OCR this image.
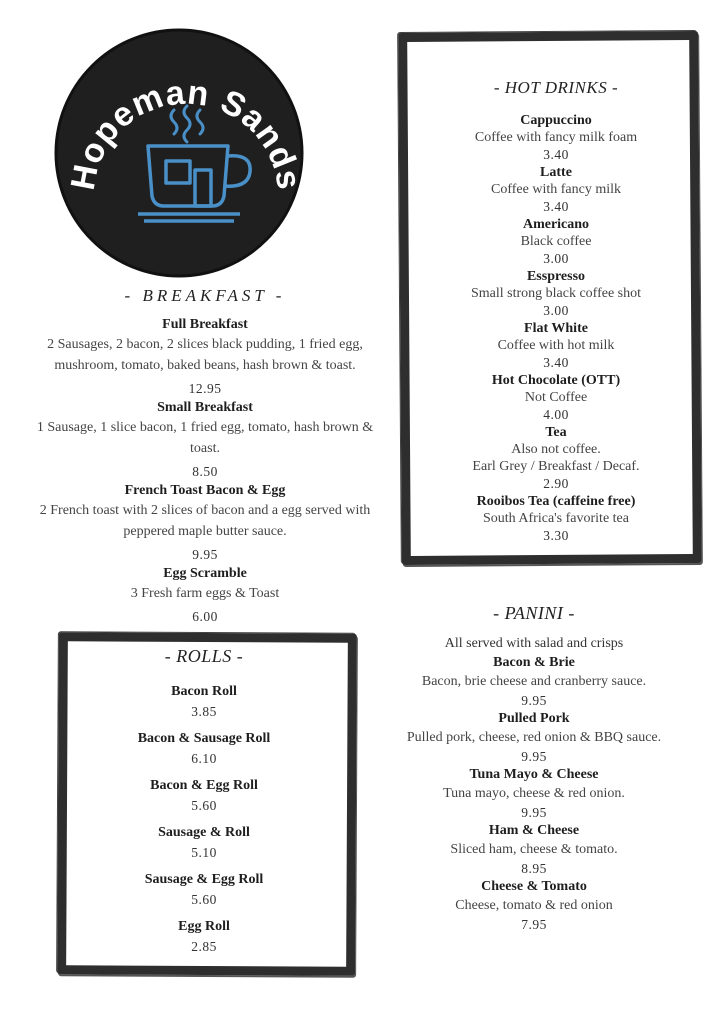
Hopeman Sands
- BREAKFAST -
Full Breakfast
2 Sausages, 2 bacon, 2 slices black pudding, 1 fried egg, mushroom, tomato, baked beans, hash brown & toast.
12.95
Small Breakfast
1 Sausage, 1 slice bacon, 1 fried egg, tomato, hash brown & toast.
8.50
French Toast Bacon & Egg
2 French toast with 2 slices of bacon and a egg served with peppered maple butter sauce.
9.95
Egg Scramble
3 Fresh farm eggs & Toast
6.00
- HOT DRINKS -
Cappuccino
Coffee with fancy milk foam
3.40
Latte
Coffee with fancy milk
3.40
Americano
Black coffee
3.00
Esspresso
Small strong black coffee shot
3.00
Flat White
Coffee with hot milk
3.40
Hot Chocolate (OTT)
Not Coffee
4.00
Tea
Also not coffee.
Earl Grey / Breakfast / Decaf.
2.90
Rooibos Tea (caffeine free)
South Africa's favorite tea
3.30
- ROLLS -
Bacon Roll
3.85
Bacon & Sausage Roll
6.10
Bacon & Egg Roll
5.60
Sausage & Roll
5.10
Sausage & Egg Roll
5.60
Egg Roll
2.85
- PANINI -
All served with salad and crisps
Bacon & Brie
Bacon, brie cheese and cranberry sauce.
9.95
Pulled Pork
Pulled pork, cheese, red onion & BBQ sauce.
9.95
Tuna Mayo & Cheese
Tuna mayo, cheese & red onion.
9.95
Ham & Cheese
Sliced ham, cheese & tomato.
8.95
Cheese & Tomato
Cheese, tomato & red onion
7.95
